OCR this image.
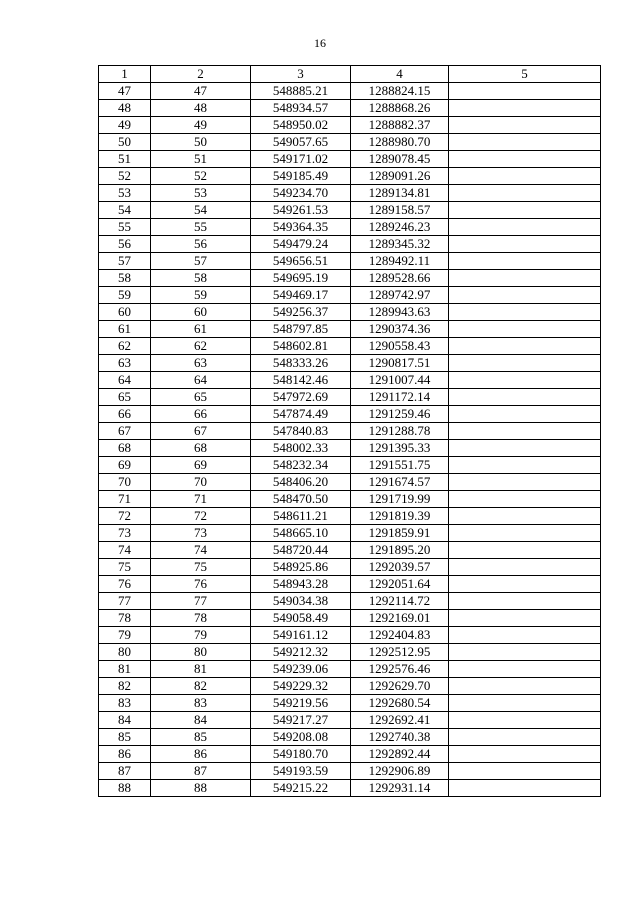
16
1	2	3	4	5
47	47	548885.21	1288824.15	
48	48	548934.57	1288868.26	
49	49	548950.02	1288882.37	
50	50	549057.65	1288980.70	
51	51	549171.02	1289078.45	
52	52	549185.49	1289091.26	
53	53	549234.70	1289134.81	
54	54	549261.53	1289158.57	
55	55	549364.35	1289246.23	
56	56	549479.24	1289345.32	
57	57	549656.51	1289492.11	
58	58	549695.19	1289528.66	
59	59	549469.17	1289742.97	
60	60	549256.37	1289943.63	
61	61	548797.85	1290374.36	
62	62	548602.81	1290558.43	
63	63	548333.26	1290817.51	
64	64	548142.46	1291007.44	
65	65	547972.69	1291172.14	
66	66	547874.49	1291259.46	
67	67	547840.83	1291288.78	
68	68	548002.33	1291395.33	
69	69	548232.34	1291551.75	
70	70	548406.20	1291674.57	
71	71	548470.50	1291719.99	
72	72	548611.21	1291819.39	
73	73	548665.10	1291859.91	
74	74	548720.44	1291895.20	
75	75	548925.86	1292039.57	
76	76	548943.28	1292051.64	
77	77	549034.38	1292114.72	
78	78	549058.49	1292169.01	
79	79	549161.12	1292404.83	
80	80	549212.32	1292512.95	
81	81	549239.06	1292576.46	
82	82	549229.32	1292629.70	
83	83	549219.56	1292680.54	
84	84	549217.27	1292692.41	
85	85	549208.08	1292740.38	
86	86	549180.70	1292892.44	
87	87	549193.59	1292906.89	
88	88	549215.22	1292931.14	
